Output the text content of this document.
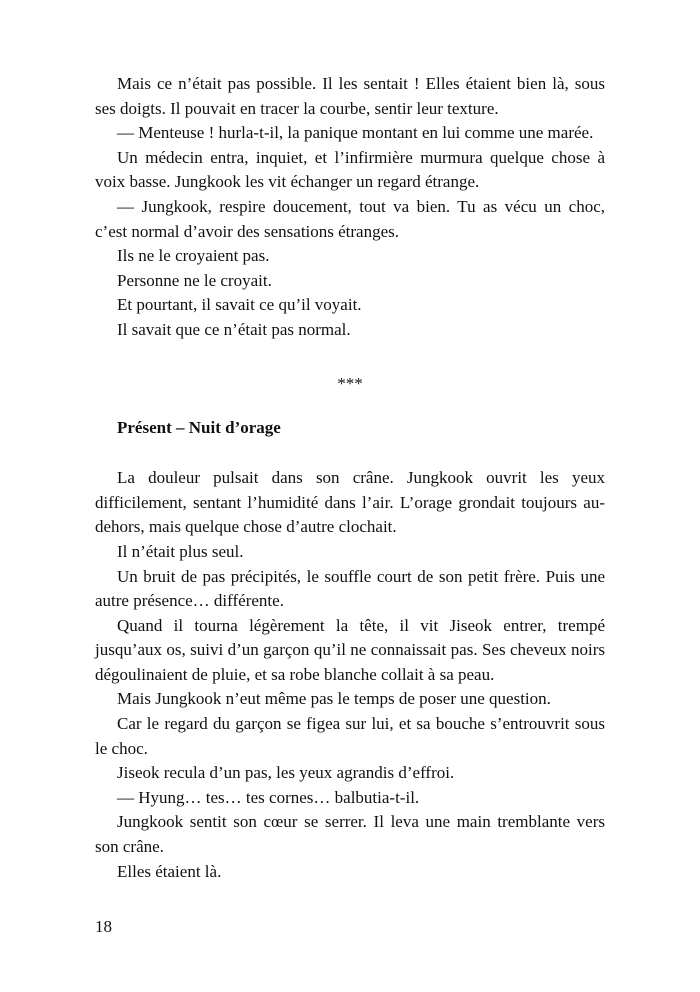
Mais ce n’était pas possible. Il les sentait ! Elles étaient bien là, sous ses doigts. Il pouvait en tracer la courbe, sentir leur texture.

— Menteuse ! hurla-t-il, la panique montant en lui comme une marée.

Un médecin entra, inquiet, et l’infirmière murmura quelque chose à voix basse. Jungkook les vit échanger un regard étrange.

— Jungkook, respire doucement, tout va bien. Tu as vécu un choc, c’est normal d’avoir des sensations étranges.

Ils ne le croyaient pas.

Personne ne le croyait.

Et pourtant, il savait ce qu’il voyait.

Il savait que ce n’était pas normal.

***
Présent – Nuit d’orage

La douleur pulsait dans son crâne. Jungkook ouvrit les yeux difficilement, sentant l’humidité dans l’air. L’orage grondait toujours au-dehors, mais quelque chose d’autre clochait.

Il n’était plus seul.

Un bruit de pas précipités, le souffle court de son petit frère. Puis une autre présence… différente.

Quand il tourna légèrement la tête, il vit Jiseok entrer, trempé jusqu’aux os, suivi d’un garçon qu’il ne connaissait pas. Ses cheveux noirs dégoulinaient de pluie, et sa robe blanche collait à sa peau.

Mais Jungkook n’eut même pas le temps de poser une question.

Car le regard du garçon se figea sur lui, et sa bouche s’entrouvrit sous le choc.

Jiseok recula d’un pas, les yeux agrandis d’effroi.

— Hyung… tes… tes cornes… balbutia-t-il.

Jungkook sentit son cœur se serrer. Il leva une main tremblante vers son crâne.

Elles étaient là.

18
